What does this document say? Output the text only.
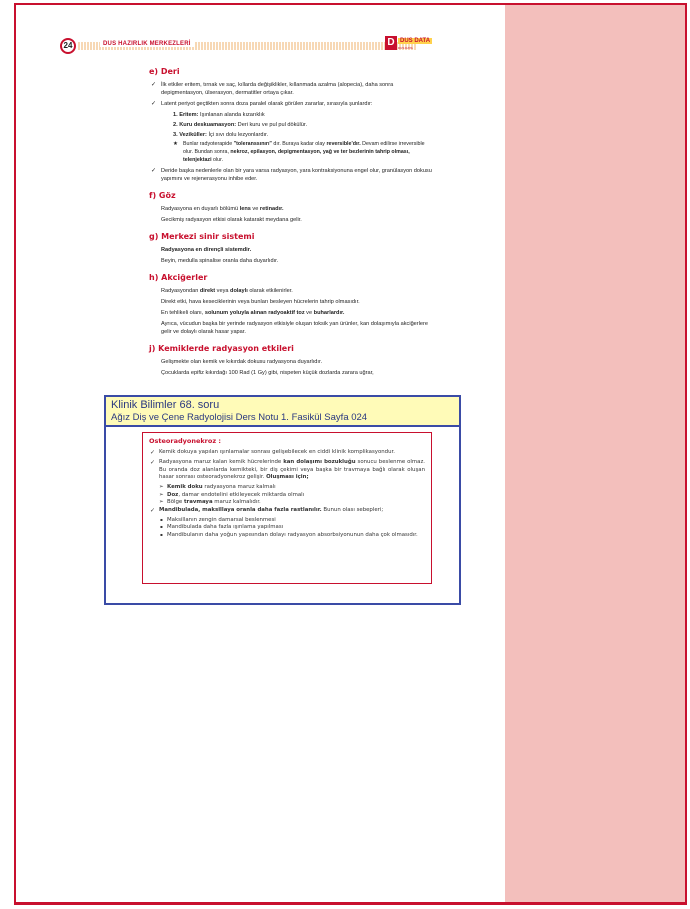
24	DUS HAZIRLIK MERKEZLERİ	D DUS DATA
DUS DATA
e) Deri
✓ İlk etkiler eritem, tırnak ve saç, kıllarda değişiklikler, kıllanmada azalma (alopecia), daha sonra depigmentasyon, ülserasyon, dermatitler ortaya çıkar.
✓ Latent periyot geçtikten sonra doza paralel olarak görülen zararlar, sırasıyla şunlardır:
1. Eritem: Işınlanan alanda kızarıklık
2. Kuru deskuamasyon: Deri kuru ve pul pul dökülür.
3. Veziküller: İçi sıvı dolu lezyonlardır.
★ Bunlar radyoterapide "toleranssınırı" dır. Buraya kadar olay reversible'dır. Devam edilirse irreversible olur. Bundan sonra, nekroz, epilasyon, depigmentasyon, yağ ve ter bezlerinin tahrip olması, telenjektazi olur.
✓ Deride başka nedenlerle olan bir yara varsa radyasyon, yara kontraksiyonuna engel olur, granülasyon dokusu yapımını ve rejenerasyonu inhibe eder.
f) Göz
Radyasyona en duyarlı bölümü lens ve retinadır.
Gecikmiş radyasyon etkisi olarak katarakt meydana gelir.
g) Merkezi sinir sistemi
Radyasyona en dirençli sistemdir.
Beyin, medulla spinalise oranla daha duyarlıdır.
h) Akciğerler
Radyasyondan direkt veya dolaylı olarak etkilenirler.
Direkt etki, hava keseciklerinin veya bunları besleyen hücrelerin tahrip olmasıdır.
En tehlikeli olanı, solunum yoluyla alınan radyoaktif toz ve buharlardır.
Ayrıca, vücudun başka bir yerinde radyasyon etkisiyle oluşan toksik yan ürünler, kan dolaşımıyla akciğerlere gelir ve dolaylı olarak hasar yapar.
j) Kemiklerde radyasyon etkileri
Gelişmekte olan kemik ve kıkırdak dokusu radyasyona duyarlıdır.
Çocuklarda epifiz kıkırdağı 100 Rad (1 Gy) gibi, nispeten küçük dozlarda zarara uğrar,
Klinik Bilimler 68. soru
Ağız Diş ve Çene Radyolojisi Ders Notu 1. Fasikül Sayfa 024
Osteoradyonekroz :
✓ Kemik dokuya yapılan ışınlamalar sonrası gelişebilecek en ciddi klinik komplikasyondur.
✓ Radyasyona maruz kalan kemik hücrelerinde kan dolaşımı bozukluğu sonucu beslenme olmaz. Bu oranda doz alanlarda kemikteki, bir diş çekimi veya başka bir travmaya bağlı olarak oluşan hasar sonrası osteoradyonekroz gelişir. Oluşması için;
➢ Kemik doku radyasyona maruz kalmalı
➢ Doz, damar endotelini etkileyecek miktarda olmalı
➢ Bölge travmaya maruz kalmalıdır.
✓ Mandibulada, maksillaya oranla daha fazla rastlanılır. Bunun olası sebepleri;
▪ Maksillanın zengin damarsal beslenmesi
▪ Mandibulada daha fazla ışınlama yapılması
▪ Mandibulanın daha yoğun yapısından dolayı radyasyon absorbsiyonunun daha çok olmasıdır.
